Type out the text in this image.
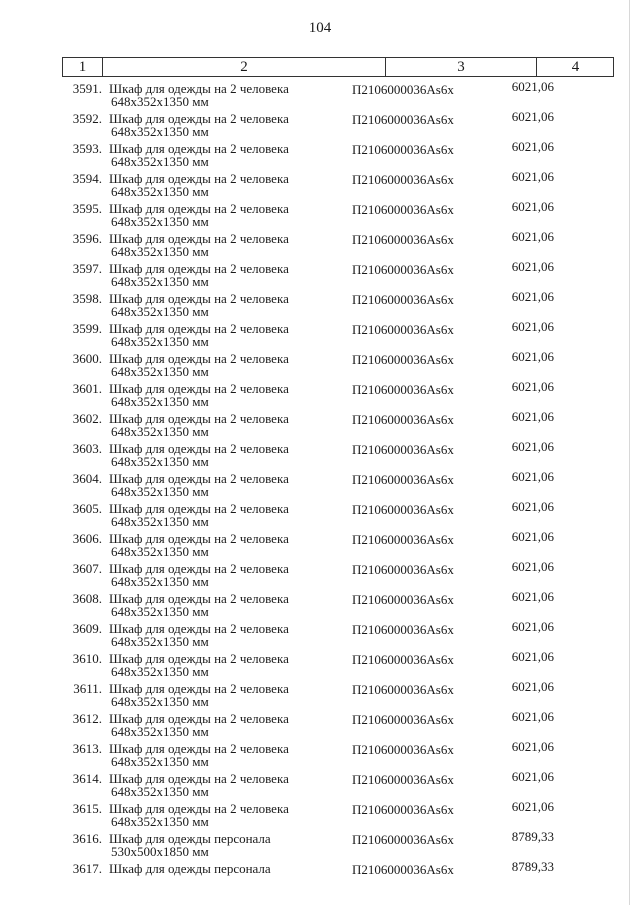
104
1	2	3	4
3591. Шкаф для одежды на 2 человека
648x352x1350 мм
П2106000036Аs6х	6021,06
3592. Шкаф для одежды на 2 человека
648x352x1350 мм
П2106000036Аs6х	6021,06
3593. Шкаф для одежды на 2 человека
648x352x1350 мм
П2106000036Аs6х	6021,06
3594. Шкаф для одежды на 2 человека
648x352x1350 мм
П2106000036Аs6х	6021,06
3595. Шкаф для одежды на 2 человека
648x352x1350 мм
П2106000036Аs6х	6021,06
3596. Шкаф для одежды на 2 человека
648x352x1350 мм
П2106000036Аs6х	6021,06
3597. Шкаф для одежды на 2 человека
648x352x1350 мм
П2106000036Аs6х	6021,06
3598. Шкаф для одежды на 2 человека
648x352x1350 мм
П2106000036Аs6х	6021,06
3599. Шкаф для одежды на 2 человека
648x352x1350 мм
П2106000036Аs6х	6021,06
3600. Шкаф для одежды на 2 человека
648x352x1350 мм
П2106000036Аs6х	6021,06
3601. Шкаф для одежды на 2 человека
648x352x1350 мм
П2106000036Аs6х	6021,06
3602. Шкаф для одежды на 2 человека
648x352x1350 мм
П2106000036Аs6х	6021,06
3603. Шкаф для одежды на 2 человека
648x352x1350 мм
П2106000036Аs6х	6021,06
3604. Шкаф для одежды на 2 человека
648x352x1350 мм
П2106000036Аs6х	6021,06
3605. Шкаф для одежды на 2 человека
648x352x1350 мм
П2106000036Аs6х	6021,06
3606. Шкаф для одежды на 2 человека
648x352x1350 мм
П2106000036Аs6х	6021,06
3607. Шкаф для одежды на 2 человека
648x352x1350 мм
П2106000036Аs6х	6021,06
3608. Шкаф для одежды на 2 человека
648x352x1350 мм
П2106000036Аs6х	6021,06
3609. Шкаф для одежды на 2 человека
648x352x1350 мм
П2106000036Аs6х	6021,06
3610. Шкаф для одежды на 2 человека
648x352x1350 мм
П2106000036Аs6х	6021,06
3611. Шкаф для одежды на 2 человека
648x352x1350 мм
П2106000036Аs6х	6021,06
3612. Шкаф для одежды на 2 человека
648x352x1350 мм
П2106000036Аs6х	6021,06
3613. Шкаф для одежды на 2 человека
648x352x1350 мм
П2106000036Аs6х	6021,06
3614. Шкаф для одежды на 2 человека
648x352x1350 мм
П2106000036Аs6х	6021,06
3615. Шкаф для одежды на 2 человека
648x352x1350 мм
П2106000036Аs6х	6021,06
3616. Шкаф для одежды персонала
530x500x1850 мм
П2106000036Аs6х	8789,33
3617. Шкаф для одежды персонала	П2106000036Аs6х	8789,33
